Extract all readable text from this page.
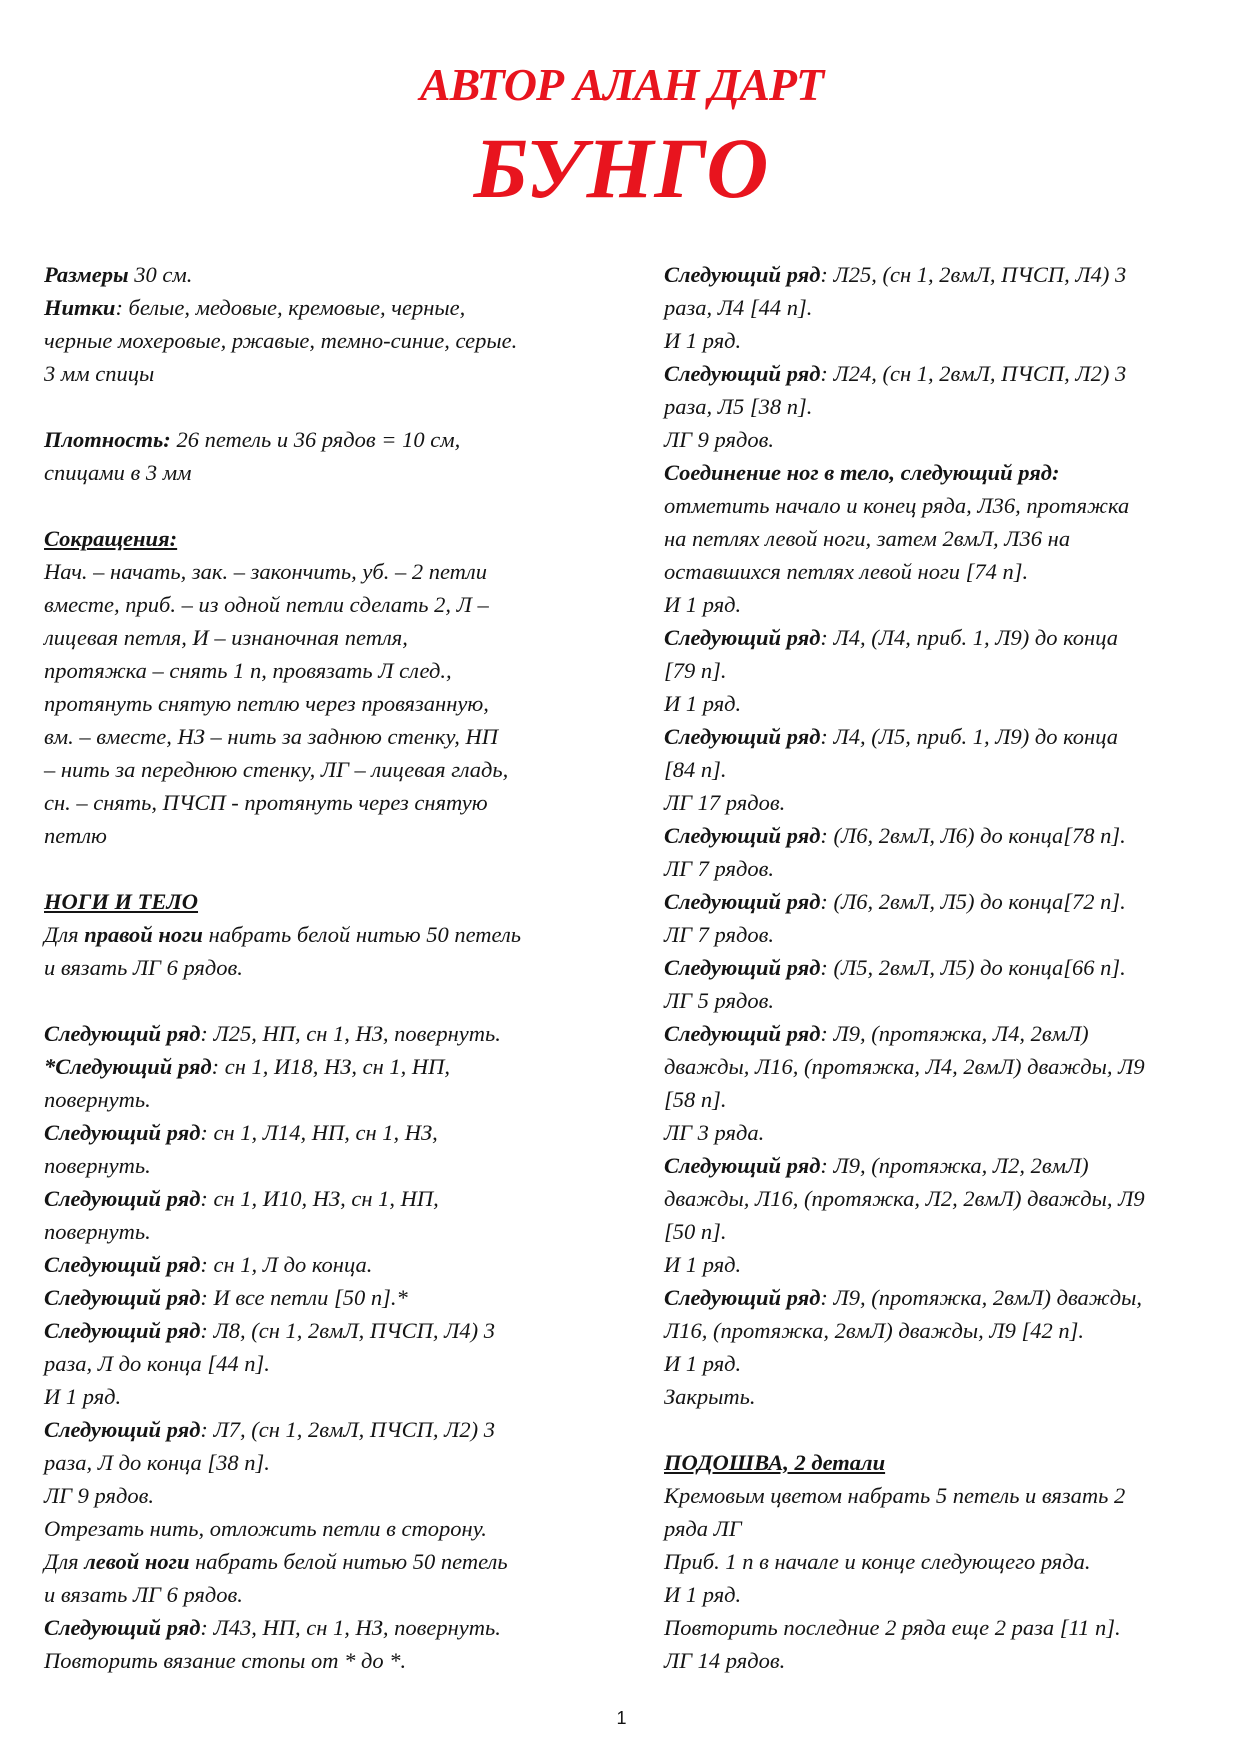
АВТОР АЛАН ДАРТ
БУНГО

Размеры 30 см.

Нитки: белые, медовые, кремовые, черные,

черные мохеровые, ржавые, темно-синие, серые.

3 мм спицы

Плотность: 26 петель и 36 рядов = 10 см,

спицами в 3 мм

Сокращения:

Нач. – начать, зак. – закончить, уб. – 2 петли

вместе, приб. – из одной петли сделать 2, Л –

лицевая петля, И – изнаночная петля,

протяжка – снять 1 п, провязать Л след.,

протянуть снятую петлю через провязанную,

вм. – вместе, НЗ – нить за заднюю стенку, НП

– нить за переднюю стенку, ЛГ – лицевая гладь,

сн. – снять, ПЧСП - протянуть через снятую

петлю

НОГИ И ТЕЛО

Для правой ноги набрать белой нитью 50 петель

и вязать ЛГ 6 рядов.

Следующий ряд: Л25, НП, сн 1, НЗ, повернуть.

*Следующий ряд: сн 1, И18, НЗ, сн 1, НП,

повернуть.

Следующий ряд: сн 1, Л14, НП, сн 1, НЗ,

повернуть.

Следующий ряд: сн 1, И10, НЗ, сн 1, НП,

повернуть.

Следующий ряд: сн 1, Л до конца.

Следующий ряд: И все петли [50 п].*

Следующий ряд: Л8, (сн 1, 2вмЛ, ПЧСП, Л4) 3

раза, Л до конца [44 п].

И 1 ряд.

Следующий ряд: Л7, (сн 1, 2вмЛ, ПЧСП, Л2) 3

раза, Л до конца [38 п].

ЛГ 9 рядов.

Отрезать нить, отложить петли в сторону.

Для левой ноги набрать белой нитью 50 петель

и вязать ЛГ 6 рядов.

Следующий ряд: Л43, НП, сн 1, НЗ, повернуть.

Повторить вязание стопы от * до *.

Следующий ряд: Л25, (сн 1, 2вмЛ, ПЧСП, Л4) 3

раза, Л4 [44 п].

И 1 ряд.

Следующий ряд: Л24, (сн 1, 2вмЛ, ПЧСП, Л2) 3

раза, Л5 [38 п].

ЛГ 9 рядов.

Соединение ног в тело, следующий ряд:

отметить начало и конец ряда, Л36, протяжка

на петлях левой ноги, затем 2вмЛ, Л36 на

оставшихся петлях левой ноги [74 п].

И 1 ряд.

Следующий ряд: Л4, (Л4, приб. 1, Л9) до конца

[79 п].

И 1 ряд.

Следующий ряд: Л4, (Л5, приб. 1, Л9) до конца

[84 п].

ЛГ 17 рядов.

Следующий ряд: (Л6, 2вмЛ, Л6) до конца[78 п].

ЛГ 7 рядов.

Следующий ряд: (Л6, 2вмЛ, Л5) до конца[72 п].

ЛГ 7 рядов.

Следующий ряд: (Л5, 2вмЛ, Л5) до конца[66 п].

ЛГ 5 рядов.

Следующий ряд: Л9, (протяжка, Л4, 2вмЛ)

дважды, Л16, (протяжка, Л4, 2вмЛ) дважды, Л9

[58 п].

ЛГ 3 ряда.

Следующий ряд: Л9, (протяжка, Л2, 2вмЛ)

дважды, Л16, (протяжка, Л2, 2вмЛ) дважды, Л9

[50 п].

И 1 ряд.

Следующий ряд: Л9, (протяжка, 2вмЛ) дважды,

Л16, (протяжка, 2вмЛ) дважды, Л9 [42 п].

И 1 ряд.

Закрыть.

ПОДОШВА, 2 детали

Кремовым цветом набрать 5 петель и вязать 2

ряда ЛГ

Приб. 1 п в начале и конце следующего ряда.

И 1 ряд.

Повторить последние 2 ряда еще 2 раза [11 п].

ЛГ 14 рядов.

1
